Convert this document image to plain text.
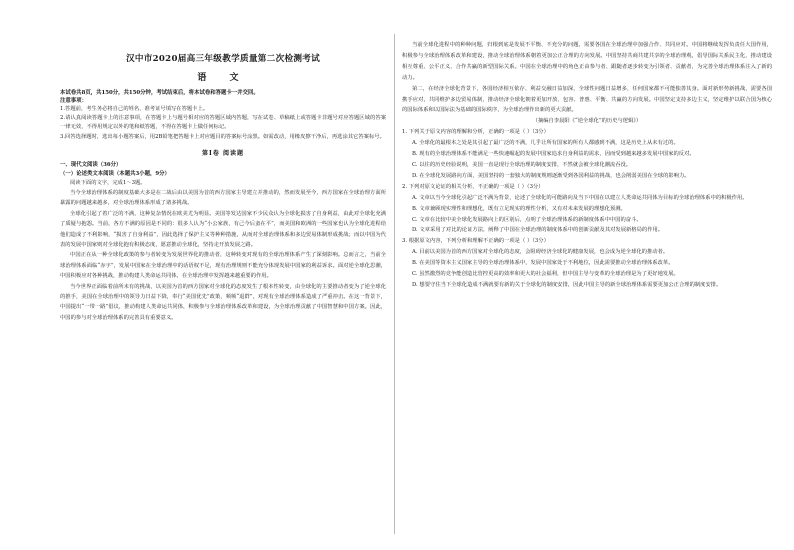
汉中市2020届高三年级教学质量第二次检测考试

语 文

本试卷共8页，共150分，共150分钟，考试结束后，将本试卷和答题卡一并交回。

注意事项：

1.答题前，考生务必将自己的姓名、准考证号填写在答题卡上。

2.请认真阅读答题卡上的注意事项，在答题卡上与题号相对应的答题区域内答题，写在试卷、草稿纸上或答题卡非题号对应答题区域的答案一律无效，不得用规定以外的笔和纸答题，不得在答题卡上做任何标记。

3.回答选择题时，选出每小题答案后，用2B铅笔把答题卡上对应题目的答案标号涂黑。如需改动，用橡皮擦干净后，再选涂其它答案标号。

第Ⅰ卷 阅读题

一、现代文阅读（36分）

（一）论述类文本阅读（本题共3小题，9分）

阅读下面的文字，完成1～3题。

当今全球治理体系的制度基础大多是在二战后由以美国为首的西方国家主导建立并推动的，然而发展至今，西方国家在全球治理方面所暴露的问题越来越多，对全球治理体系形成了诸多挑战。

全球化引起了着广泛的不满，这种复杂情况在欧美尤为明显。美国等发达国家不少民众认为全球化损害了自身利益，由此对全球化充满了质疑与抱怨。当前，各方不满的原因是不同的：很多人认为“小公家族，有己今后蛮在平”，而美国和欧洲的一些国家也认为全球化进程给他们造成了不利影响，“损害了自身利益”，因此选择了保护主义等种种措施，从而对全球治理体系和多边贸易体制形成挑战；而以中国为代表的发展中国家则对全球化抱有积极态度，愿意推动全球化，坚持走开放发展之路。

中国正在从一种全球化政策的参与者转变为发展世界化的推动者，这种转变对现有的全球治理体系产生了深刻影响。总而言之，当前全球治理体系面临“赤字”，发展中国家在全球治理中的话语权不足，现有治理规则不能充分体现发展中国家的利益诉求。面对逆全球化思潮，中国积极应对各种挑战，推动构建人类命运共同体，在全球治理中发挥越来越重要的作用。

当今世界正面临着前所未有的挑战，以美国为首的西方国家对全球化的态度发生了根本性转变，由全球化的主要推动者变为了逆全球化的推手，美国在全球治理中的领导力日益下降，奉行“美国优先”政策，频频“退群”，对现有全球治理体系造成了严重冲击。在这一背景下，中国提出“一带一路”倡议，推动构建人类命运共同体，积极参与全球治理体系改革和建设，为全球治理贡献了中国智慧和中国方案。因此，中国的参与对全球治理体系的完善具有重要意义。

当前全球化进程中的种种问题，归根到底是发展不平衡、不充分的问题，需要各国在全球治理中加强合作、共同应对。中国将继续发挥负责任大国作用，积极参与全球治理体系改革和建设，推动全球治理体系朝着更加公正合理的方向发展。中国坚持共商共建共享的全球治理观，倡导国际关系民主化，推动建设相互尊重、公平正义、合作共赢的新型国际关系。中国在全球治理中的角色正由参与者、跟随者逐步转变为引领者、贡献者，为完善全球治理体系注入了新的动力。

第二，在经济全球化背景下，各国经济相互依存、利益交融日益加深，全球性问题日益增多，任何国家都不可能独善其身。面对新形势新挑战，需要各国携手应对，共同维护多边贸易体制，推动经济全球化朝着更加开放、包容、普惠、平衡、共赢的方向发展。中国坚定支持多边主义，坚定维护以联合国为核心的国际体系和以国际法为基础的国际秩序，为全球治理作出新的更大贡献。

（摘编自李晨阳《“逆全球化”的历史与逻辑》）

1. 下列关于原文内容的理解和分析，正确的一项是（ ）（3分）

A. 全球化的最根本之处是其引起了最广泛的不满，几乎让所有国家的所有人都感到不满，这是历史上从未有过的。

B. 现有的全球治理体系不能满足一些快速崛起的发展中国家追求自身利益的需求，因而受到越来越多发展中国家的反对。

C. 以往的历史经验说明，美国一直是现行全球治理的制度安排，不然就会被全球化潮流吞没。

D. 在全球化发展路向方面，美国坚持的一套独大的制度规则逐渐受到各国利益的挑战，也会削弱美国在全球的影响力。

2. 下列对原文论证的相关分析，不正确的一项是（ ）（3分）

A. 文章以当今全球化引起广泛不满为背景，论述了全球化的可能路向及当下中国在以建立人类命运共同体为目标的全球治理体系中的积极作用。

B. 文章兼顾现实理性和理想化，既有立足现实的理性分析，又有对未来发展的理想化预测。

C. 文章在比较中美全球化发展路向上的区别后，点明了全球治理体系的新制度体系中中国的奋斗。

D. 文章采用了对比的论证方法，阐释了中国在全球治理的制度体系中的创新贡献及其对发展新格局的作用。

3. 根据原文内容，下列分析和理解不正确的一项是（ ）（3分）

A. 目前以美国为首的西方国家对全球化的态度，会阻碍经济全球化的健康发展，也会成为逆全球化的推动者。

B. 在美国等资本主义国家主导的全球治理体系中，发展中国家处于不利地位，因此需要推动全球治理体系改革。

C. 虽然激烈的竞争能创造比管控更高的效率和更大的社会福利，但中国主导与变革的全球治理是为了更好地发展。

D. 想要守住当下全球化造成不满就要有新的关于全球化的制度安排，因此中国主导的新全球治理体系需要更加公正合理的制度安排。
